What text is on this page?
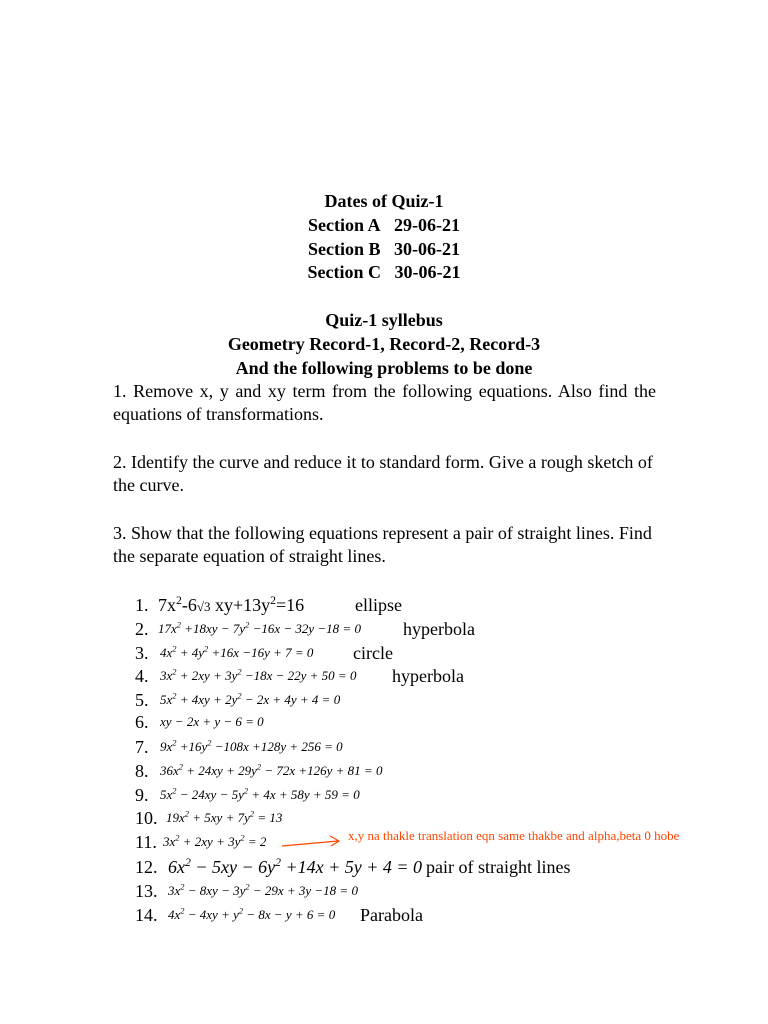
Dates of Quiz-1
Section A 29-06-21
Section B 30-06-21
Section C 30-06-21
Quiz-1 syllebus
Geometry Record-1, Record-2, Record-3
And the following problems to be done
1. Remove x, y and xy term from the following equations. Also find the equations of transformations.
2. Identify the curve and reduce it to standard form. Give a rough sketch of the curve.
3. Show that the following equations represent a pair of straight lines. Find the separate equation of straight lines.
1. $7x^2-6√3$ $xy+13y^2=16$	ellipse
2. $17x^2 +18xy - 7y^2 -16x - 32y -18 = 0$ hyperbola
3. $4x^2 + 4y^2 +16x -16y + 7 = 0$ circle
4. $3x^2 + 2xy + 3y^2 -18x - 22y + 50 = 0$ hyperbola
5. $5x^2 + 4xy + 2y^2 - 2x + 4y + 4 = 0$
6. xy − 2x + y − 6 = 0
7. $9x^2 +16y^2 -108x +128y + 256 = 0$
8. $36x^2 + 24xy + 29y^2 - 72x +126y + 81 = 0$
9. $5x^2 - 24xy - 5y^2 + 4x + 58y + 59 = 0$
10. $19x^2 + 5xy + 7y^2 = 13$
11. $3x^2 + 2xy + 3y^2 = 2$
12. $6x^2 - 5xy - 6y^2 +14x + 5y + 4 = 0$ pair of straight lines
13. $3x^2 - 8xy - 3y^2 - 29x + 3y -18 = 0$
14. $4x^2 - 4xy + y^2 - 8x - y + 6 = 0$ Parabola
x,y na thakle translation eqn same thakbe and alpha,beta 0 hobe
